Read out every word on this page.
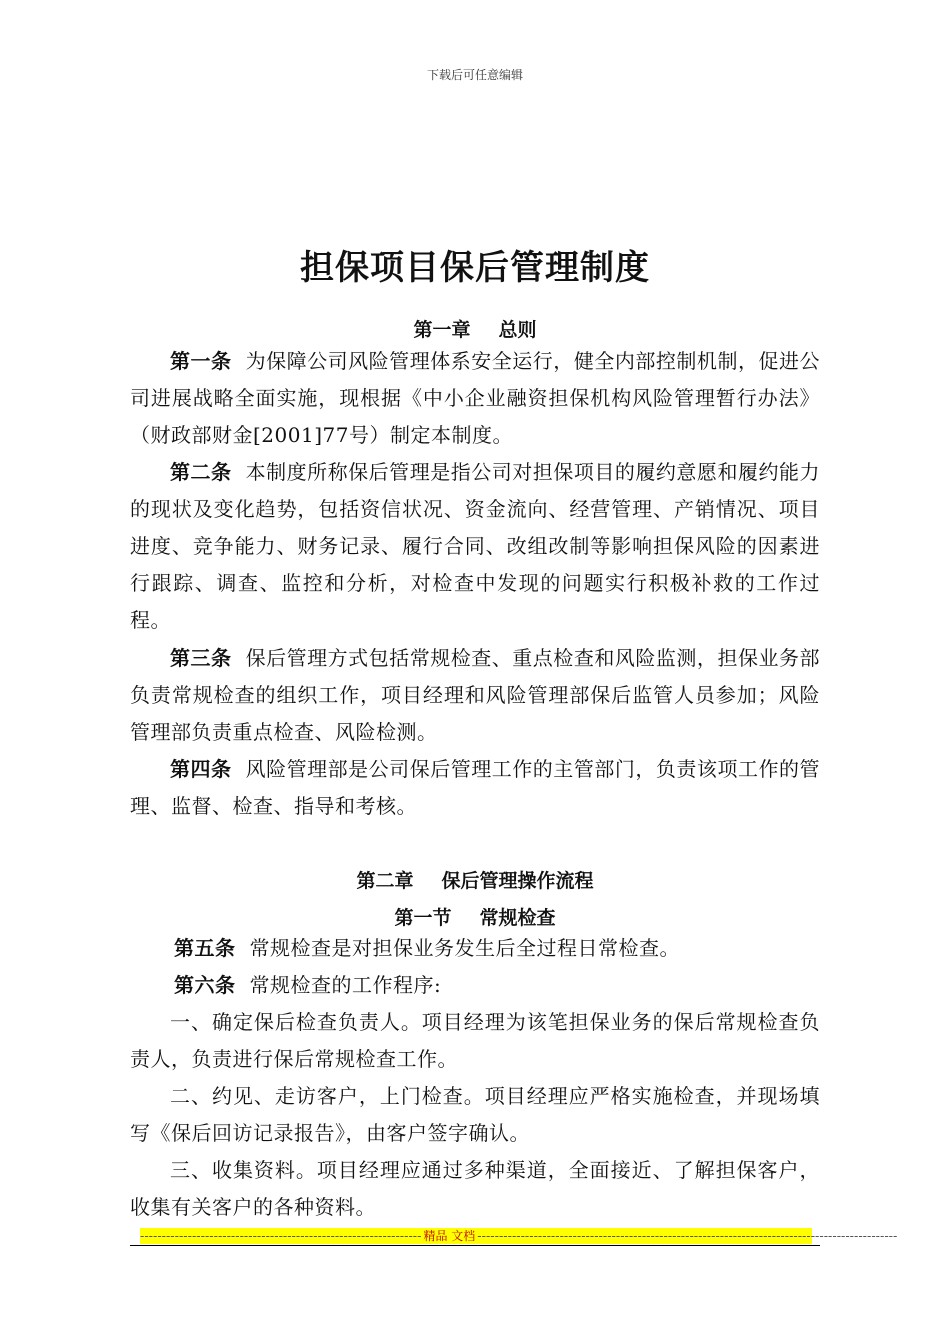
下载后可任意编辑
担保项目保后管理制度
第一章 总则

第一条 为保障公司风险管理体系安全运行，健全内部控制机制，促进公司进展战略全面实施，现根据《中小企业融资担保机构风险管理暂行办法》（财政部财金[2001]77号）制定本制度。

第二条 本制度所称保后管理是指公司对担保项目的履约意愿和履约能力的现状及变化趋势，包括资信状况、资金流向、经营管理、产销情况、项目进度、竞争能力、财务记录、履行合同、改组改制等影响担保风险的因素进行跟踪、调查、监控和分析，对检查中发现的问题实行积极补救的工作过程。

第三条 保后管理方式包括常规检查、重点检查和风险监测，担保业务部负责常规检查的组织工作，项目经理和风险管理部保后监管人员参加；风险管理部负责重点检查、风险检测。

第四条 风险管理部是公司保后管理工作的主管部门，负责该项工作的管理、监督、检查、指导和考核。

第二章 保后管理操作流程
第一节 常规检查

第五条 常规检查是对担保业务发生后全过程日常检查。

第六条 常规检查的工作程序:

一、确定保后检查负责人。项目经理为该笔担保业务的保后常规检查负责人，负责进行保后常规检查工作。

二、约见、走访客户，上门检查。项目经理应严格实施检查，并现场填写《保后回访记录报告》，由客户签字确认。

三、收集资料。项目经理应通过多种渠道，全面接近、了解担保客户，收集有关客户的各种资料。

----------------------------------------------------------------- 精品 文档 -------------------------------------------------------------------------------------------------
